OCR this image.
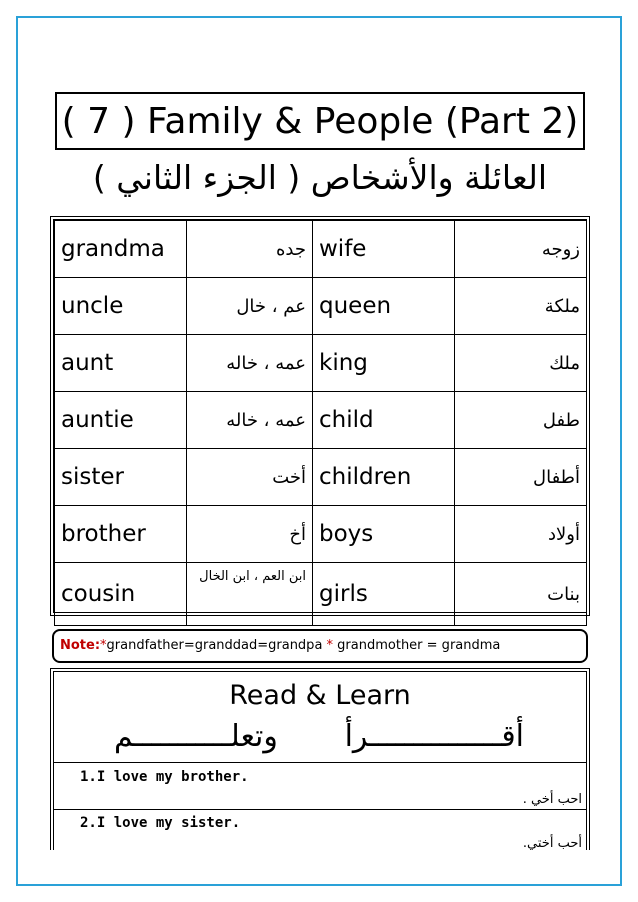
( 7 ) Family & People (Part 2)
العائلة والأشخاص ( الجزء الثاني )
grandma	جده	wife	زوجه
uncle	عم ، خال	queen	ملكة
aunt	عمه ، خاله	king	ملك
auntie	عمه ، خاله	child	طفل
sister	أخت	children	أطفال
brother	أخ	boys	أولاد
cousin	ابن العم ، ابن الخال	girls	بنات
Note:*grandfather=granddad=grandpa * grandmother = grandma
Read & Learn
أقـــــــــــــــرأ وتعلـــــــــــم
1.I love my brother.
احب أخي .
2.I love my sister.
أحب أختي.
